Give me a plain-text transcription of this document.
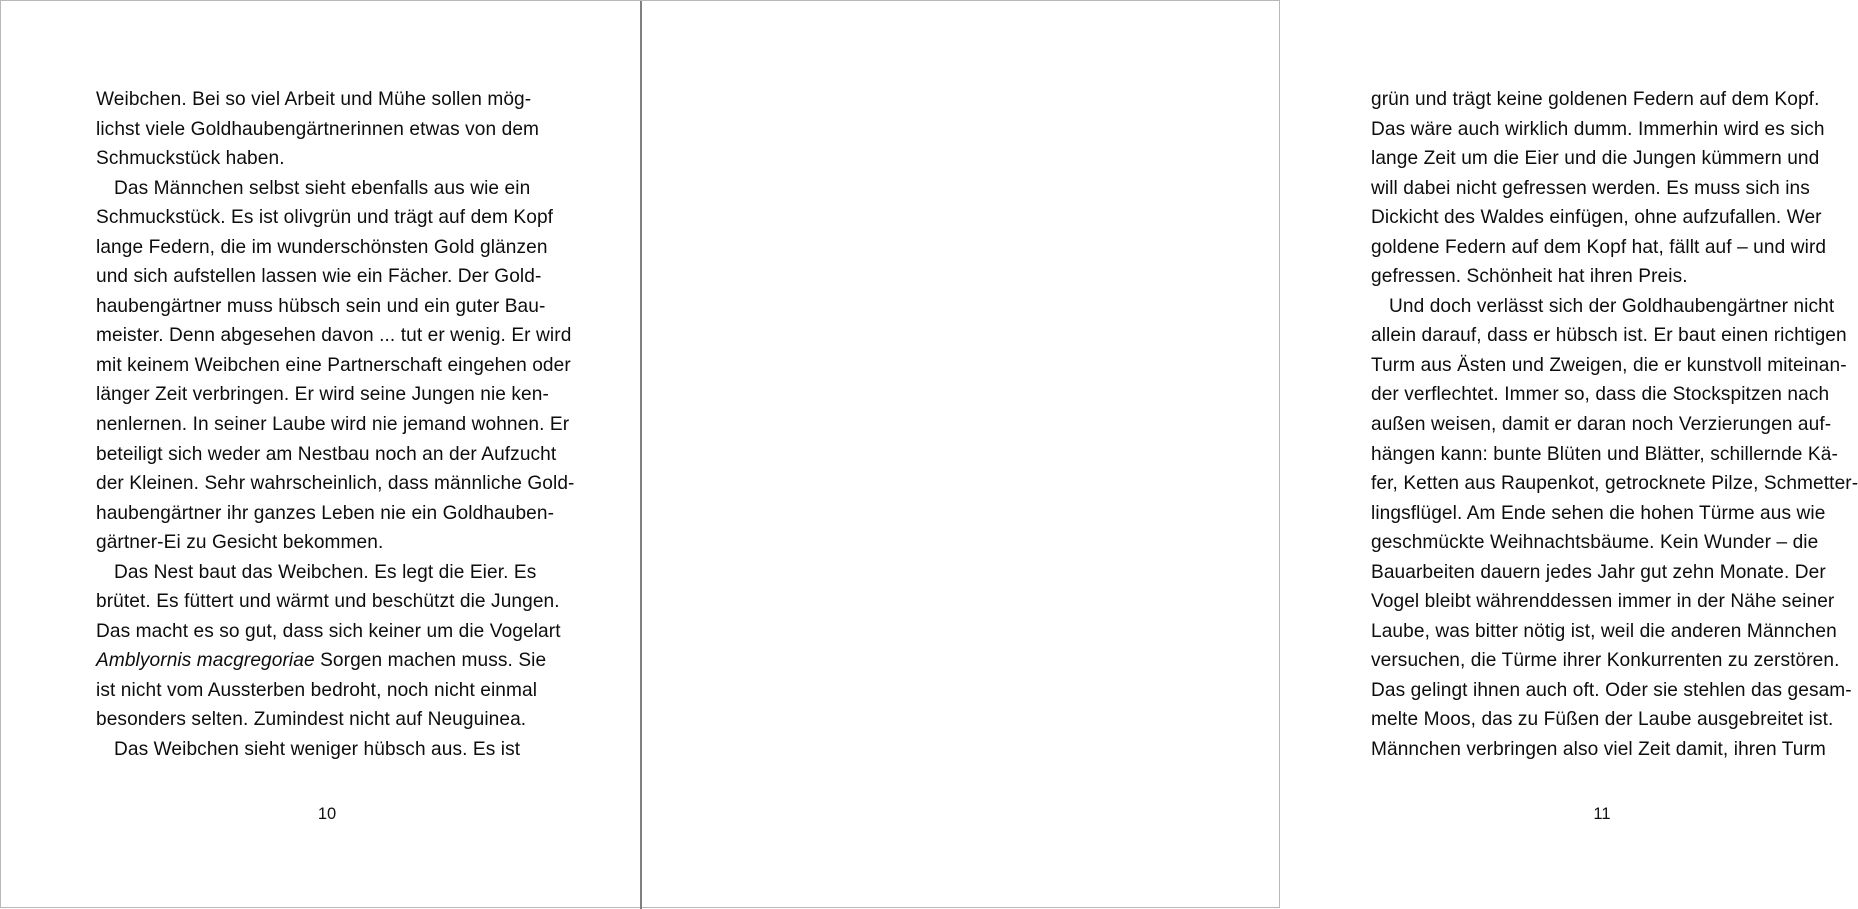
Weibchen. Bei so viel Arbeit und Mühe sollen mög-
lichst viele Goldhaubengärtnerinnen etwas von dem
Schmuckstück haben.
Das Männchen selbst sieht ebenfalls aus wie ein
Schmuckstück. Es ist olivgrün und trägt auf dem Kopf
lange Federn, die im wunderschönsten Gold glänzen
und sich aufstellen lassen wie ein Fächer. Der Gold-
haubengärtner muss hübsch sein und ein guter Bau-
meister. Denn abgesehen davon ... tut er wenig. Er wird
mit keinem Weibchen eine Partnerschaft eingehen oder
länger Zeit verbringen. Er wird seine Jungen nie ken-
nenlernen. In seiner Laube wird nie jemand wohnen. Er
beteiligt sich weder am Nestbau noch an der Aufzucht
der Kleinen. Sehr wahrscheinlich, dass männliche Gold-
haubengärtner ihr ganzes Leben nie ein Goldhauben-
gärtner-Ei zu Gesicht bekommen.
Das Nest baut das Weibchen. Es legt die Eier. Es
brütet. Es füttert und wärmt und beschützt die Jungen.
Das macht es so gut, dass sich keiner um die Vogelart
Amblyornis macgregoriae Sorgen machen muss. Sie
ist nicht vom Aussterben bedroht, noch nicht einmal
besonders selten. Zumindest nicht auf Neuguinea.
Das Weibchen sieht weniger hübsch aus. Es ist
10
grün und trägt keine goldenen Federn auf dem Kopf.
Das wäre auch wirklich dumm. Immerhin wird es sich
lange Zeit um die Eier und die Jungen kümmern und
will dabei nicht gefressen werden. Es muss sich ins
Dickicht des Waldes einfügen, ohne aufzufallen. Wer
goldene Federn auf dem Kopf hat, fällt auf – und wird
gefressen. Schönheit hat ihren Preis.
Und doch verlässt sich der Goldhaubengärtner nicht
allein darauf, dass er hübsch ist. Er baut einen richtigen
Turm aus Ästen und Zweigen, die er kunstvoll miteinan-
der verflechtet. Immer so, dass die Stockspitzen nach
außen weisen, damit er daran noch Verzierungen auf-
hängen kann: bunte Blüten und Blätter, schillernde Kä-
fer, Ketten aus Raupenkot, getrocknete Pilze, Schmetter-
lingsflügel. Am Ende sehen die hohen Türme aus wie
geschmückte Weihnachtsbäume. Kein Wunder – die
Bauarbeiten dauern jedes Jahr gut zehn Monate. Der
Vogel bleibt währenddessen immer in der Nähe seiner
Laube, was bitter nötig ist, weil die anderen Männchen
versuchen, die Türme ihrer Konkurrenten zu zerstören.
Das gelingt ihnen auch oft. Oder sie stehlen das gesam-
melte Moos, das zu Füßen der Laube ausgebreitet ist.
Männchen verbringen also viel Zeit damit, ihren Turm
11
